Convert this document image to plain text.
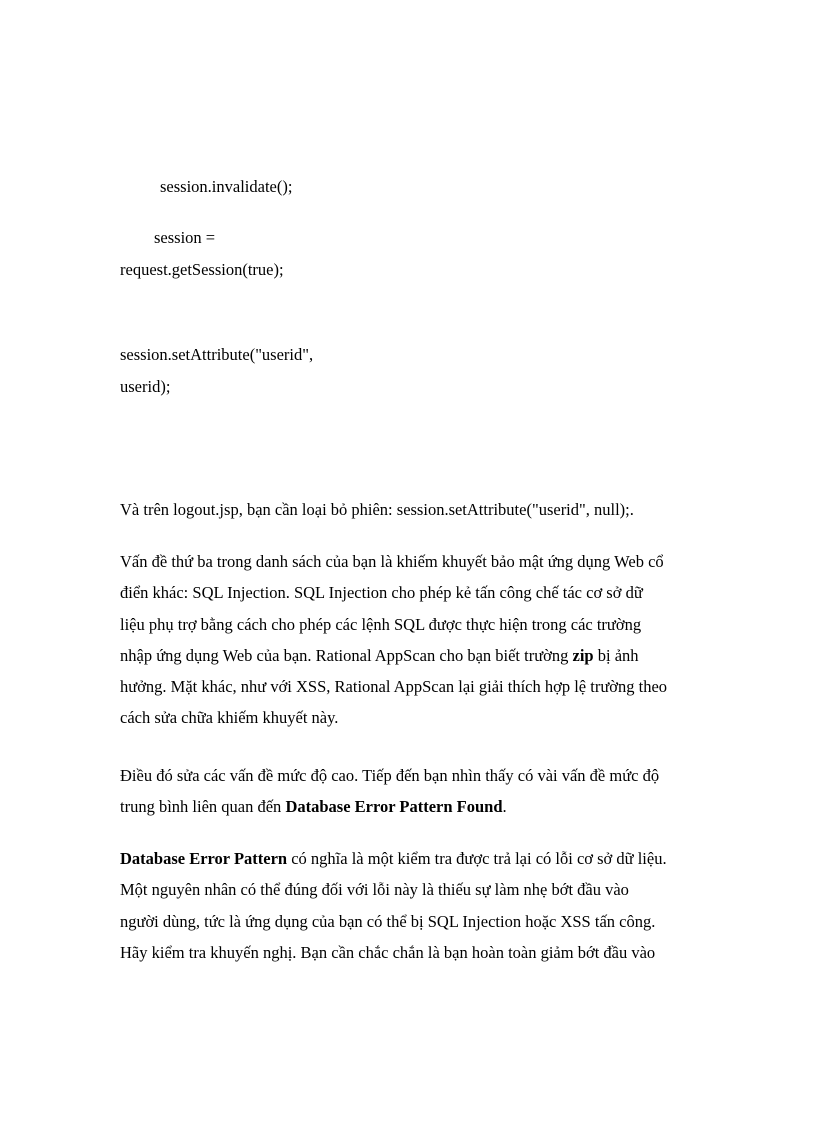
session.invalidate();
session =
request.getSession(true);
session.setAttribute("userid",
userid);
Và trên logout.jsp, bạn cần loại bỏ phiên: session.setAttribute("userid", null);.
Vấn đề thứ ba trong danh sách của bạn là khiếm khuyết bảo mật ứng dụng Web cổ
điển khác: SQL Injection. SQL Injection cho phép kẻ tấn công chế tác cơ sở dữ
liệu phụ trợ bằng cách cho phép các lệnh SQL được thực hiện trong các trường
nhập ứng dụng Web của bạn. Rational AppScan cho bạn biết trường zip bị ảnh
hưởng. Mặt khác, như với XSS, Rational AppScan lại giải thích hợp lệ trường theo
cách sửa chữa khiếm khuyết này.
Điều đó sửa các vấn đề mức độ cao. Tiếp đến bạn nhìn thấy có vài vấn đề mức độ
trung bình liên quan đến Database Error Pattern Found.
Database Error Pattern có nghĩa là một kiểm tra được trả lại có lỗi cơ sở dữ liệu.
Một nguyên nhân có thể đúng đối với lỗi này là thiếu sự làm nhẹ bớt đầu vào
người dùng, tức là ứng dụng của bạn có thể bị SQL Injection hoặc XSS tấn công.
Hãy kiểm tra khuyến nghị. Bạn cần chắc chắn là bạn hoàn toàn giảm bớt đầu vào
